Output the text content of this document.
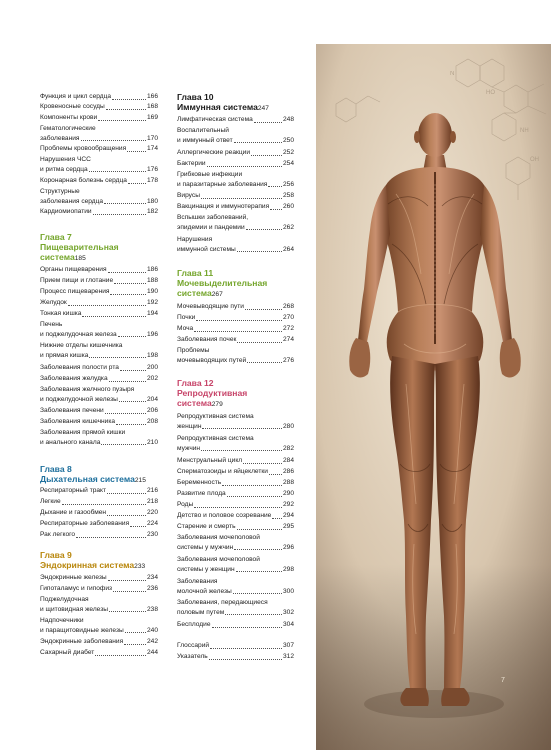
Функция и цикл сердца	166
Кровеносные сосуды	168
Компоненты крови	169
Гематологические
заболевания	170
Проблемы кровообращения	174
Нарушения ЧСС
и ритма сердца	176
Коронарная болезнь сердца	178
Структурные
заболевания сердца	180
Кардиомиопатии	182
Глава 7
Пищеварительная
система185
Органы пищеварения	186
Прием пищи и глотание	188
Процесс пищеварения	190
Желудок	192
Тонкая кишка	194
Печень
и поджелудочная железа	196
Нижние отделы кишечника
и прямая кишка	198
Заболевания полости рта	200
Заболевания желудка	202
Заболевания желчного пузыря
и поджелудочной железы	204
Заболевания печени	206
Заболевания кишечника	208
Заболевания прямой кишки
и анального канала	210
Глава 8
Дыхательная система215
Респираторный тракт	216
Легкие	218
Дыхание и газообмен	220
Респираторные заболевания	224
Рак легкого	230
Глава 9
Эндокринная система233
Эндокринные железы	234
Гипоталамус и гипофиз	236
Поджелудочная
и щитовидная железы	238
Надпочечники
и паращитовидные железы	240
Эндокринные заболевания	242
Сахарный диабет	244
Глава 10
Иммунная система247
Лимфатическая система	248
Воспалительный
и иммунный ответ	250
Аллергические реакции	252
Бактерии	254
Грибковые инфекции
и паразитарные заболевания 256
Вирусы	258
Вакцинация и иммунотерапия 260
Вспышки заболеваний,
эпидемии и пандемии	262
Нарушения
иммунной системы	264
Глава 11
Мочевыделительная
система267
Мочевыводящие пути	268
Почки	270
Моча	272
Заболевания почек	274
Проблемы
мочевыводящих путей	276
Глава 12
Репродуктивная
система279
Репродуктивная система
женщин	280
Репродуктивная система
мужчин	282
Менструальный цикл	284
Сперматозоиды и яйцеклетки 286
Беременность	288
Развитие плода	290
Роды	292
Детство и половое созревание 294
Старение и смерть	295
Заболевания мочеполовой
системы у мужчин	296
Заболевания мочеполовой
системы у женщин	298
Заболевания
молочной железы	300
Заболевания, передающиеся
половым путем	302
Бесплодие	304
Глоссарий	307
Указатель	312
N
HO
NH
OH
7
